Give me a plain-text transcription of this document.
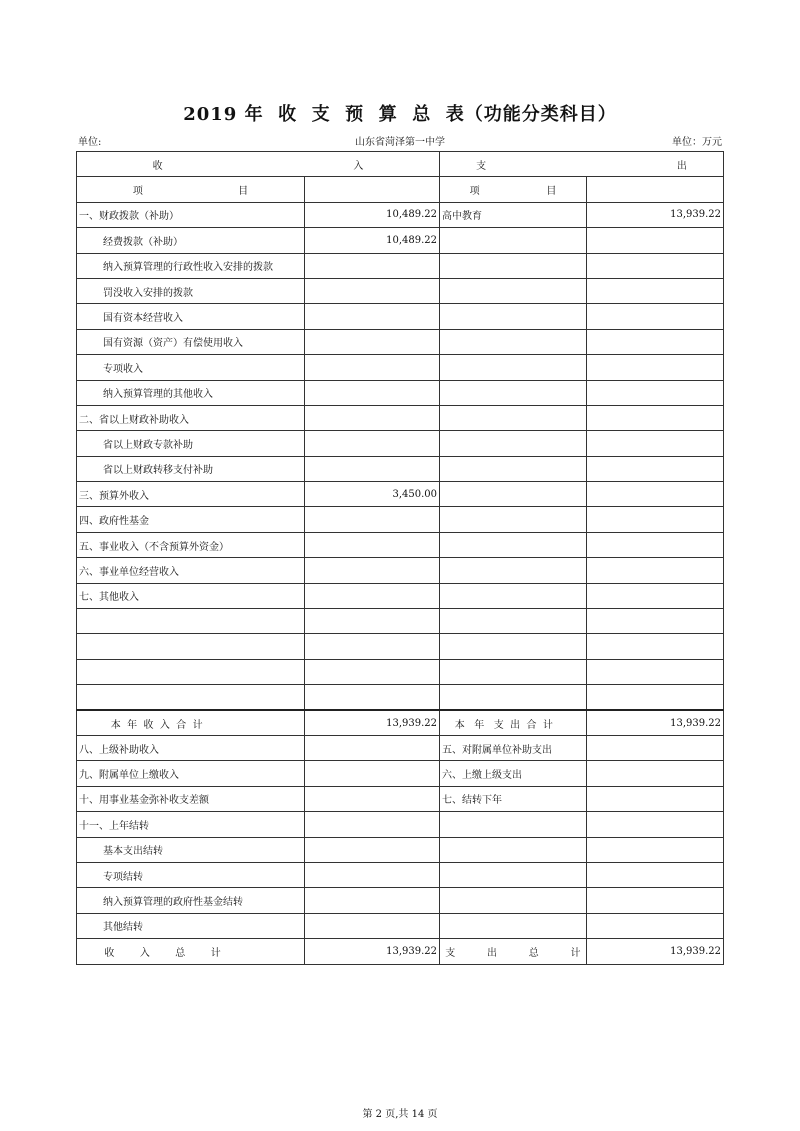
2019 年  收  支  预  算  总  表（功能分类科目）
单位:	山东省菏泽第一中学	单位：万元
收                                                            入		支                                                            出	
项                              目		项                     目	
一、财政拨款（补助）	10,489.22	高中教育	13,939.22
经费拨款（补助）	10,489.22		
纳入预算管理的行政性收入安排的拨款			
罚没收入安排的拨款			
国有资本经营收入			
国有资源（资产）有偿使用收入			
专项收入			
纳入预算管理的其他收入			
二、省以上财政补助收入			
省以上财政专款补助			
省以上财政转移支付补助			
三、预算外收入	3,450.00		
四、政府性基金			
五、事业收入（不含预算外资金）			
六、事业单位经营收入			
七、其他收入			

本  年  收  入  合  计	13,939.22	本   年   支  出  合  计	13,939.22
八、上级补助收入		五、对附属单位补助支出	
九、附属单位上缴收入		六、上缴上级支出	
十、用事业基金弥补收支差额		七、结转下年	
十一、上年结转			
基本支出结转			
专项结转			
纳入预算管理的政府性基金结转			
其他结转			
收        入        总        计	13,939.22	支          出          总          计	13,939.22
第 2 页,共 14 页
